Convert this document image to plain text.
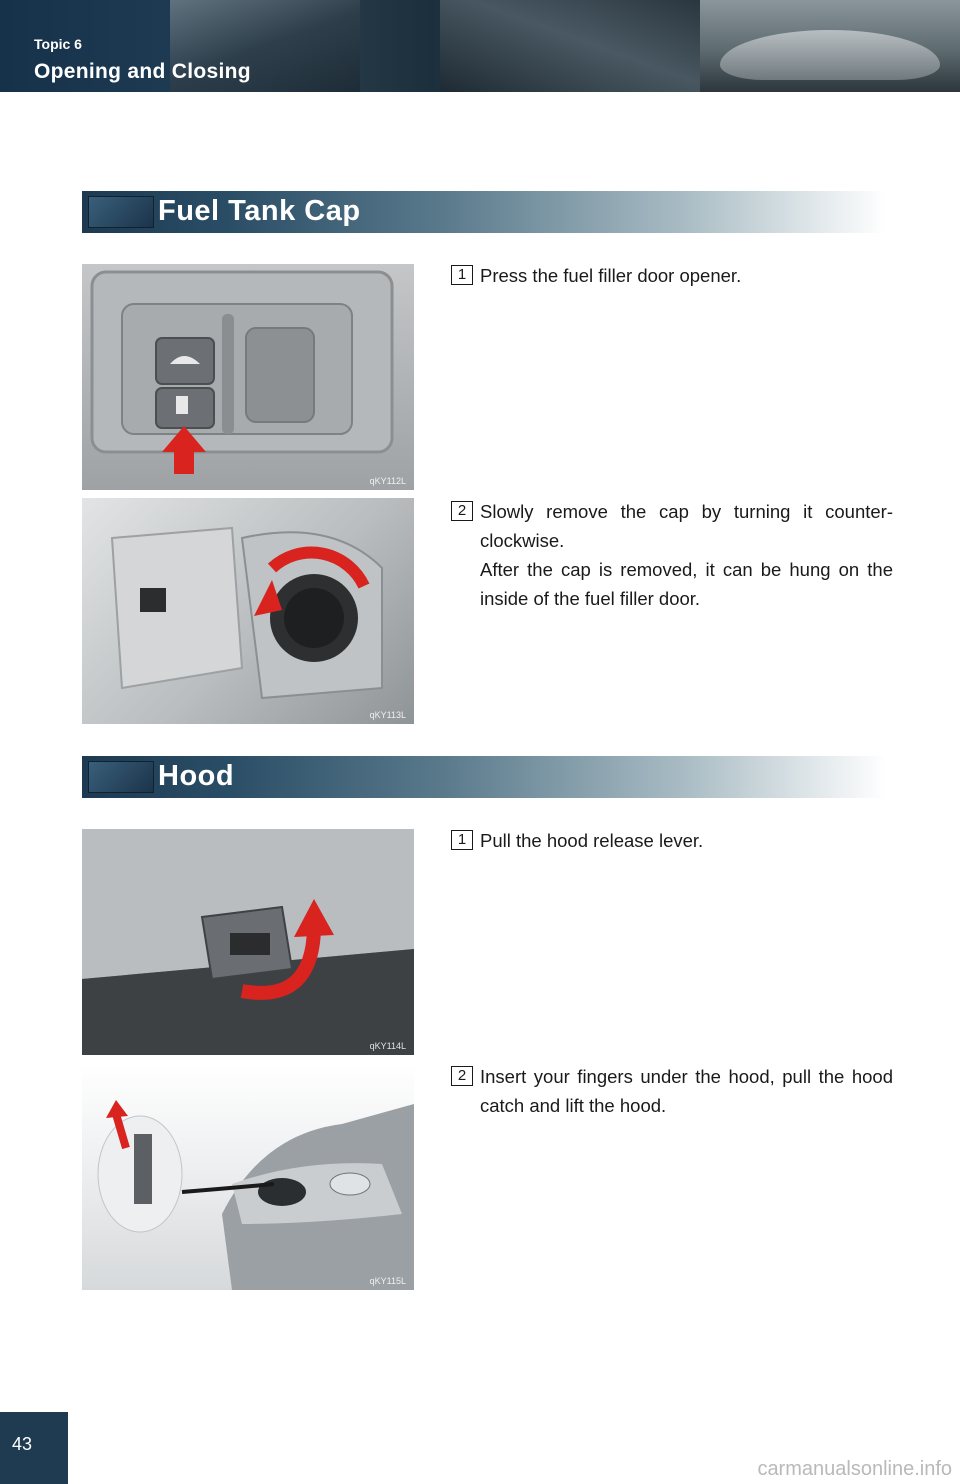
Topic 6
Opening and Closing
Fuel Tank Cap
qKY112L
1 Press the fuel filler door opener.

qKY113L
2 Slowly remove the cap by turning it counter-clockwise.

After the cap is removed, it can be hung on the inside of the fuel filler door.

Hood
qKY114L
1 Pull the hood release lever.

qKY115L
2 Insert your fingers under the hood, pull the hood catch and lift the hood.

43
carmanualsonline.info
